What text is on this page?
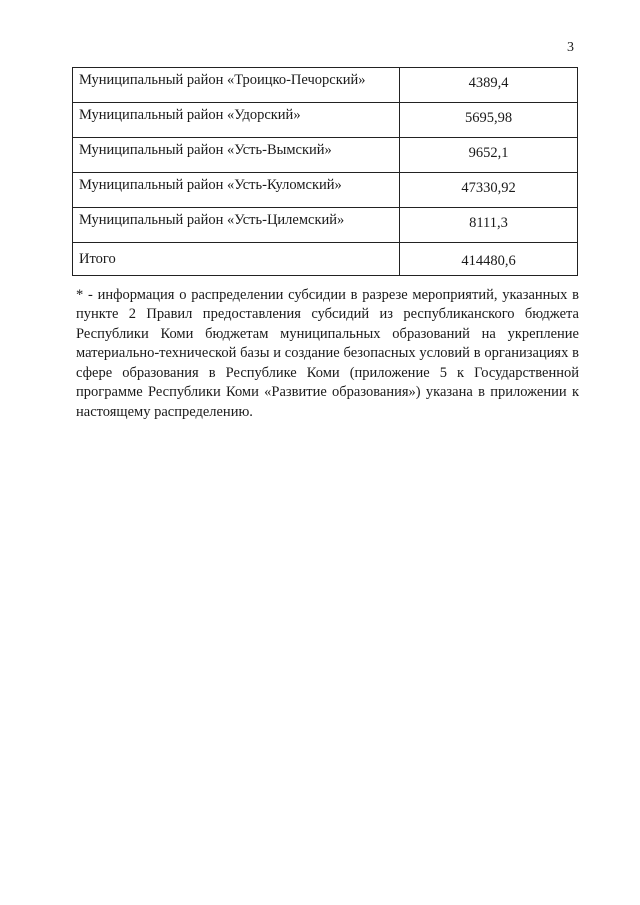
3
Муниципальный район «Троицко-Печорский»	4389,4
Муниципальный район «Удорский»	5695,98
Муниципальный район «Усть-Вымский»	9652,1
Муниципальный район «Усть-Куломский»	47330,92
Муниципальный район «Усть-Цилемский»	8111,3
Итого	414480,6

* - информация о распределении субсидии в разрезе мероприятий, указанных в пункте 2 Правил предоставления субсидий из республиканского бюджета Республики Коми бюджетам муниципальных образований на укрепление материально-технической базы и создание безопасных условий в организациях в сфере образования в Республике Коми (приложение 5 к Государственной программе Республики Коми «Развитие образования») указана в приложении к настоящему распределению.
